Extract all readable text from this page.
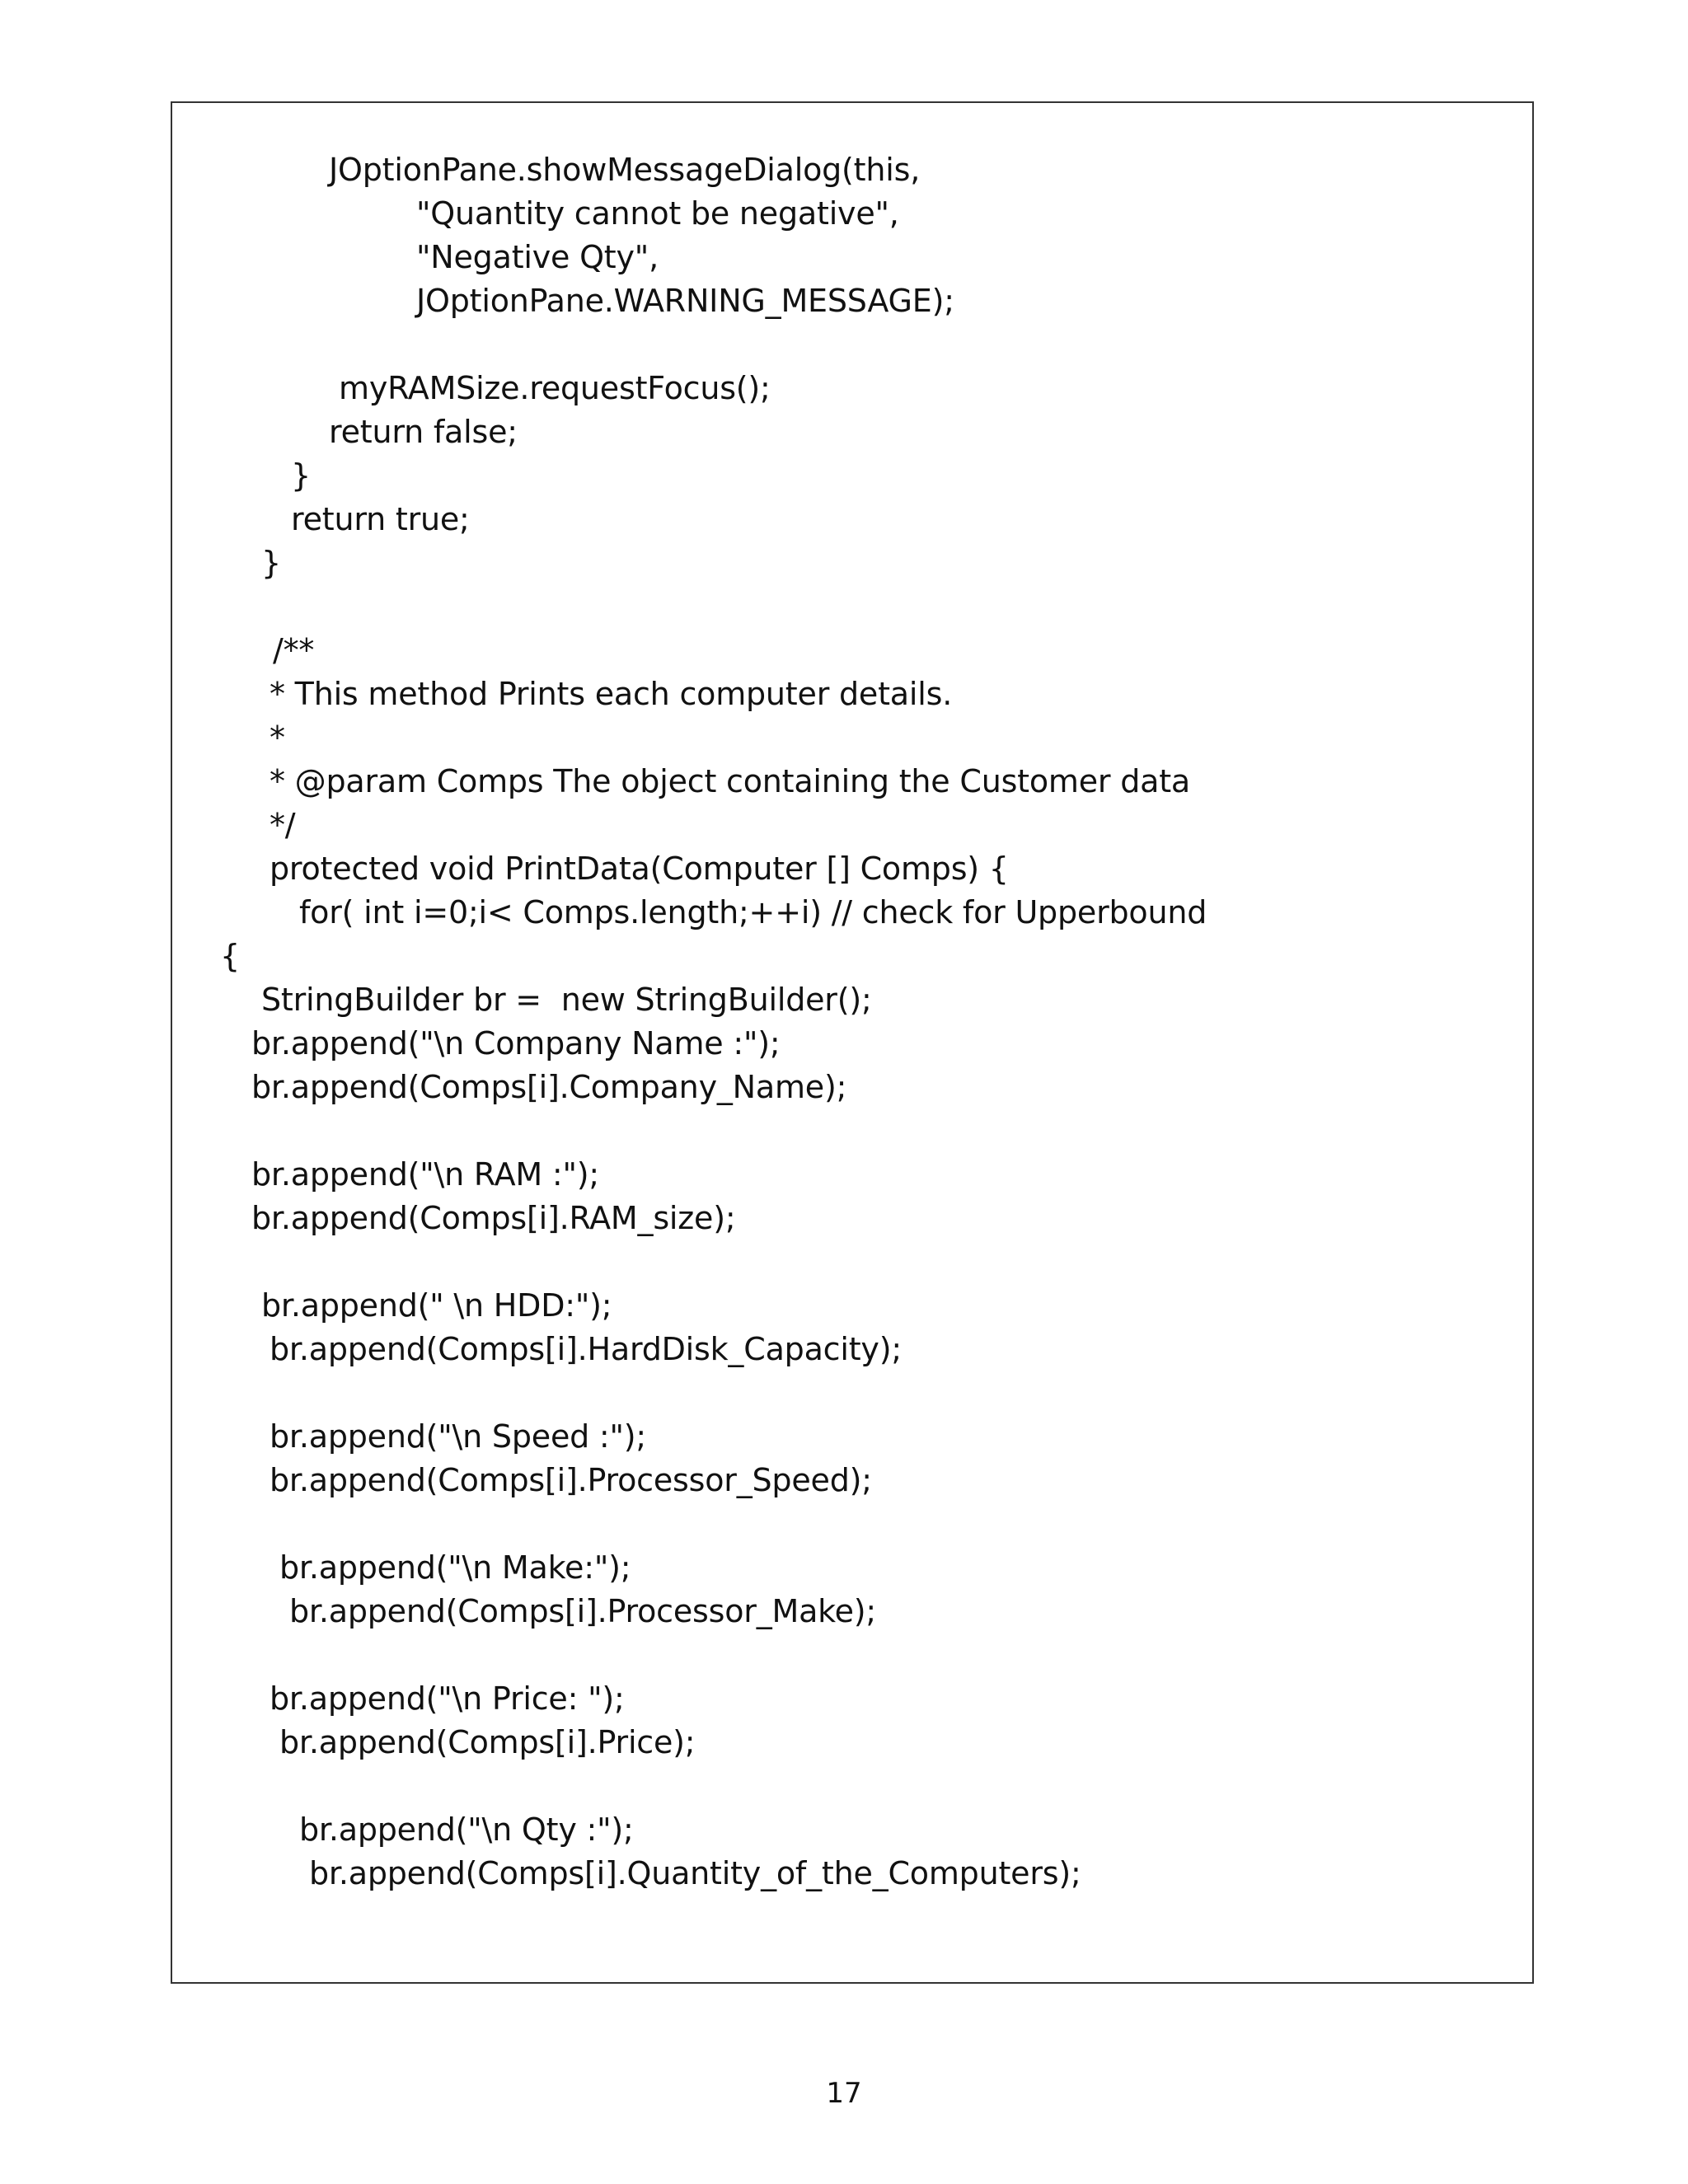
JOptionPane.showMessageDialog(this,
"Quantity cannot be negative",
"Negative Qty",
JOptionPane.WARNING_MESSAGE);
myRAMSize.requestFocus();
return false;
}
return true;
}
/**
* This method Prints each computer details.
*
* @param Comps The object containing the Customer data
*/
protected void PrintData(Computer [] Comps) {
for( int i=0;i< Comps.length;++i) // check for Upperbound
{
StringBuilder br =  new StringBuilder();
br.append("\n Company Name :");
br.append(Comps[i].Company_Name);
br.append("\n RAM :");
br.append(Comps[i].RAM_size);
br.append(" \n HDD:");
br.append(Comps[i].HardDisk_Capacity);
br.append("\n Speed :");
br.append(Comps[i].Processor_Speed);
br.append("\n Make:");
br.append(Comps[i].Processor_Make);
br.append("\n Price: ");
br.append(Comps[i].Price);
br.append("\n Qty :");
br.append(Comps[i].Quantity_of_the_Computers);
17
